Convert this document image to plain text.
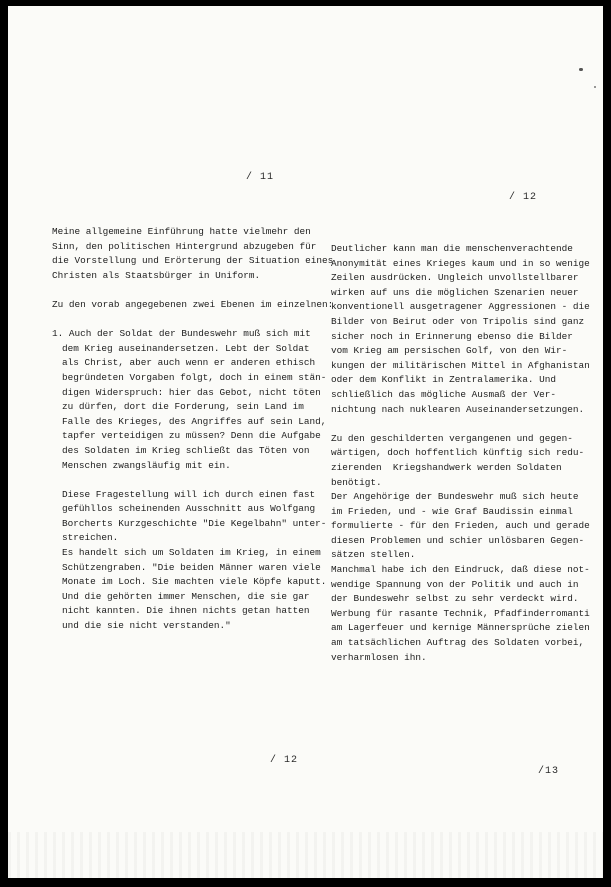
/ 11
/ 12
Meine allgemeine Einführung hatte vielmehr den
Sinn, den politischen Hintergrund abzugeben für
die Vorstellung und Erörterung der Situation eines
Christen als Staatsbürger in Uniform.
Zu den vorab angegebenen zwei Ebenen im einzelnen:
1. Auch der Soldat der Bundeswehr muß sich mit
dem Krieg auseinandersetzen. Lebt der Soldat
als Christ, aber auch wenn er anderen ethisch
begründeten Vorgaben folgt, doch in einem stän-
digen Widerspruch: hier das Gebot, nicht töten
zu dürfen, dort die Forderung, sein Land im
Falle des Krieges, des Angriffes auf sein Land,
tapfer verteidigen zu müssen? Denn die Aufgabe
des Soldaten im Krieg schließt das Töten von
Menschen zwangsläufig mit ein.
Diese Fragestellung will ich durch einen fast
gefühllos scheinenden Ausschnitt aus Wolfgang
Borcherts Kurzgeschichte "Die Kegelbahn" unter-
streichen.
Es handelt sich um Soldaten im Krieg, in einem
Schützengraben. "Die beiden Männer waren viele
Monate im Loch. Sie machten viele Köpfe kaputt.
Und die gehörten immer Menschen, die sie gar
nicht kannten. Die ihnen nichts getan hatten
und die sie nicht verstanden."
Deutlicher kann man die menschenverachtende
Anonymität eines Krieges kaum und in so wenige
Zeilen ausdrücken. Ungleich unvollstellbarer
wirken auf uns die möglichen Szenarien neuer
konventionell ausgetragener Aggressionen - die
Bilder von Beirut oder von Tripolis sind ganz
sicher noch in Erinnerung ebenso die Bilder
vom Krieg am persischen Golf, von den Wir-
kungen der militärischen Mittel in Afghanistan
oder dem Konflikt in Zentralamerika. Und
schließlich das mögliche Ausmaß der Ver-
nichtung nach nuklearen Auseinandersetzungen.
Zu den geschilderten vergangenen und gegen-
wärtigen, doch hoffentlich künftig sich redu-
zierenden  Kriegshandwerk werden Soldaten
benötigt.
Der Angehörige der Bundeswehr muß sich heute
im Frieden, und - wie Graf Baudissin einmal
formulierte - für den Frieden, auch und gerade
diesen Problemen und schier unlösbaren Gegen-
sätzen stellen.
Manchmal habe ich den Eindruck, daß diese not-
wendige Spannung von der Politik und auch in
der Bundeswehr selbst zu sehr verdeckt wird.
Werbung für rasante Technik, Pfadfinderromanti
am Lagerfeuer und kernige Männersprüche zielen
am tatsächlichen Auftrag des Soldaten vorbei,
verharmlosen ihn.
/ 12
/13
